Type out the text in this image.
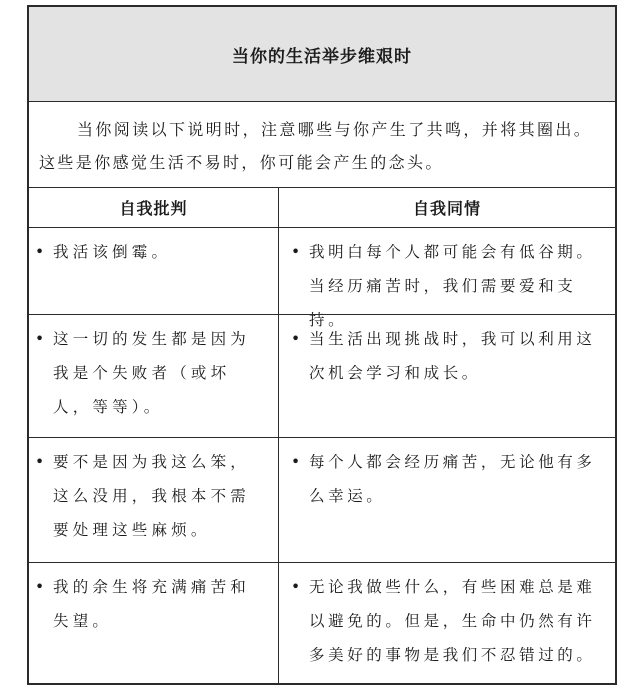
当你的生活举步维艰时
当你阅读以下说明时，注意哪些与你产生了共鸣，并将其圈出。这些是你感觉生活不易时，你可能会产生的念头。
自我批判	自我同情
• 我活该倒霉。	• 我明白每个人都可能会有低谷期。当经历痛苦时，我们需要爱和支持。
• 这一切的发生都是因为我是个失败者（或坏人，等等）。
• 当生活出现挑战时，我可以利用这次机会学习和成长。
• 要不是因为我这么笨，这么没用，我根本不需要处理这些麻烦。
• 每个人都会经历痛苦，无论他有多么幸运。
• 我的余生将充满痛苦和失望。
• 无论我做些什么，有些困难总是难以避免的。但是，生命中仍然有许多美好的事物是我们不忍错过的。
